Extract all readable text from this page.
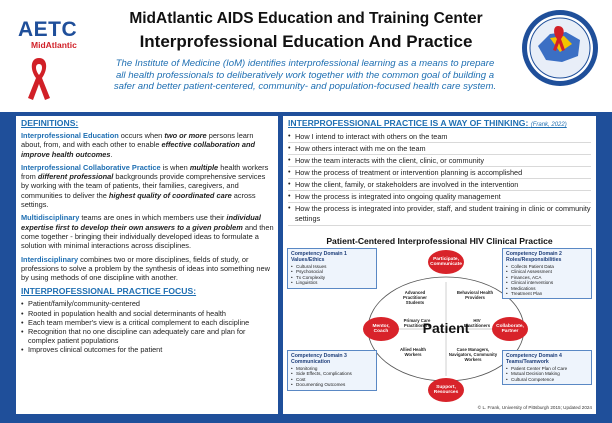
AETC
MidAtlantic
MidAtlantic AIDS Education and Training Center
Interprofessional Education And Practice
The Institute of Medicine (IoM) identifies interprofessional learning as a means to prepare all health professionals to deliberatively work together with the common goal of building a safer and better patient-centered, community- and population-focused health care system.
DEFINITIONS:

Interprofessional Education occurs when two or more persons learn about, from, and with each other to enable effective collaboration and improve health outcomes.

Interprofessional Collaborative Practice is when multiple health workers from different professional backgrounds provide comprehensive services by working with the team of patients, their families, caregivers, and communities to deliver the highest quality of coordinated care across settings.

Multidisciplinary teams are ones in which members use their individual expertise first to develop their own answers to a given problem and then come together - bringing their individually developed ideas to formulate a solution with minimal interactions across disciplines.

Interdisciplinary combines two or more disciplines, fields of study, or professions to solve a problem by the synthesis of ideas into something new by using methods of one discipline with another.

INTERPROFESSIONAL PRACTICE FOCUS:
• Patient/family/community-centered
• Rooted in population health and social determinants of health
• Each team member's view is a critical complement to each discipline
• Recognition that no one discipline can adequately care and plan for complex patient populations
• Improves clinical outcomes for the patient
INTERPROFESSIONAL PRACTICE IS A WAY OF THINKING: (Frank, 2022)
• How I intend to interact with others on the team
• How others interact with me on the team
• How the team interacts with the client, clinic, or community
• How the process of treatment or intervention planning is accomplished
• How the client, family, or stakeholders are involved in the intervention
• How the process is integrated into ongoing quality management
• How the process is integrated into provider, staff, and student training in clinic or community settings
Patient-Centered Interprofessional HIV Clinical Practice
Competency Domain 1
Values/Ethics
• Cultural Issues
• Psychosocial
• Tx Complexity
• Linguistics
Competency Domain 2
Roles/Responsibilities
• Collects Patient Data
• Clinical Assessment
• Finances, ACA
• Clinical interventions
• Medications
• Treatment Plan
Competency Domain 3
Communication
• Monitoring
• Side Effects, Complications
• Cost
• Documenting Outcomes
Competency Domain 4
Teams/Teamwork
• Patient Center Plan of Care
• Mutual Decision Making
• Cultural Competence
Participate, Communicate
Mentor, Coach
Collaborate, Partner
Support, Resources
Advanced Practitioner Students
Behavioral Health Providers
Primary Care Practitioners
HIV Practitioners
Allied Health Workers
Case Managers, Navigators, Community Workers
Patient
© L. Frank, University of Pittsburgh 2015; Updated 2024
